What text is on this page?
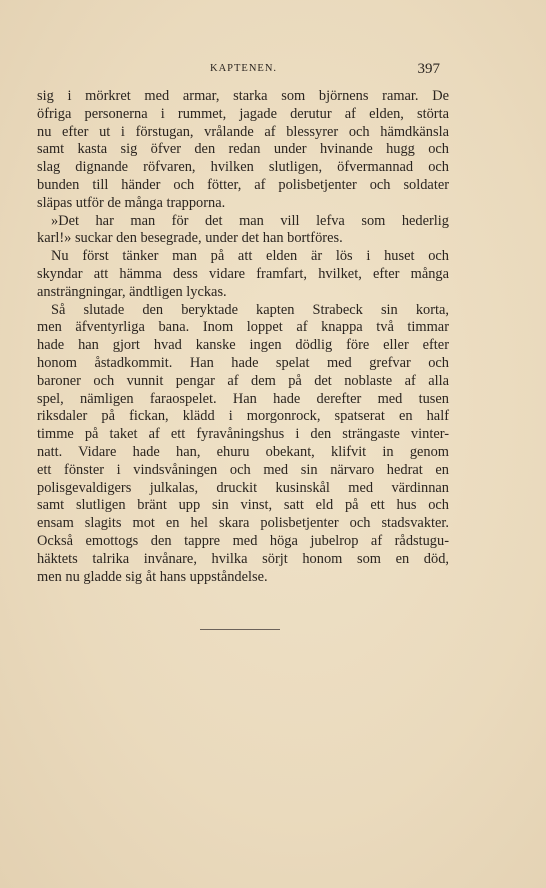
KAPTENEN.	397
sig i mörkret med armar, starka som björnens ramar. De
öfriga personerna i rummet, jagade derutur af elden, störta
nu efter ut i förstugan, vrålande af blessyrer och hämdkänsla
samt kasta sig öfver den redan under hvinande hugg och
slag dignande röfvaren, hvilken slutligen, öfvermannad och
bunden till händer och fötter, af polisbetjenter och soldater
släpas utför de många trapporna.
»Det har man för det man vill lefva som hederlig
karl!» suckar den besegrade, under det han bortföres.
Nu först tänker man på att elden är lös i huset och
skyndar att hämma dess vidare framfart, hvilket, efter många
ansträngningar, ändtligen lyckas.
Så slutade den beryktade kapten Strabeck sin korta,
men äfventyrliga bana. Inom loppet af knappa två timmar
hade han gjort hvad kanske ingen dödlig före eller efter
honom åstadkommit. Han hade spelat med grefvar och
baroner och vunnit pengar af dem på det noblaste af alla
spel, nämligen faraospelet. Han hade derefter med tusen
riksdaler på fickan, klädd i morgonrock, spatserat en half
timme på taket af ett fyravåningshus i den strängaste vinter-
natt. Vidare hade han, ehuru obekant, klifvit in genom
ett fönster i vindsvåningen och med sin närvaro hedrat en
polisgevaldigers julkalas, druckit kusinskål med värdinnan
samt slutligen bränt upp sin vinst, satt eld på ett hus och
ensam slagits mot en hel skara polisbetjenter och stadsvakter.
Också emottogs den tappre med höga jubelrop af rådstugu-
häktets talrika invånare, hvilka sörjt honom som en död,
men nu gladde sig åt hans uppståndelse.
